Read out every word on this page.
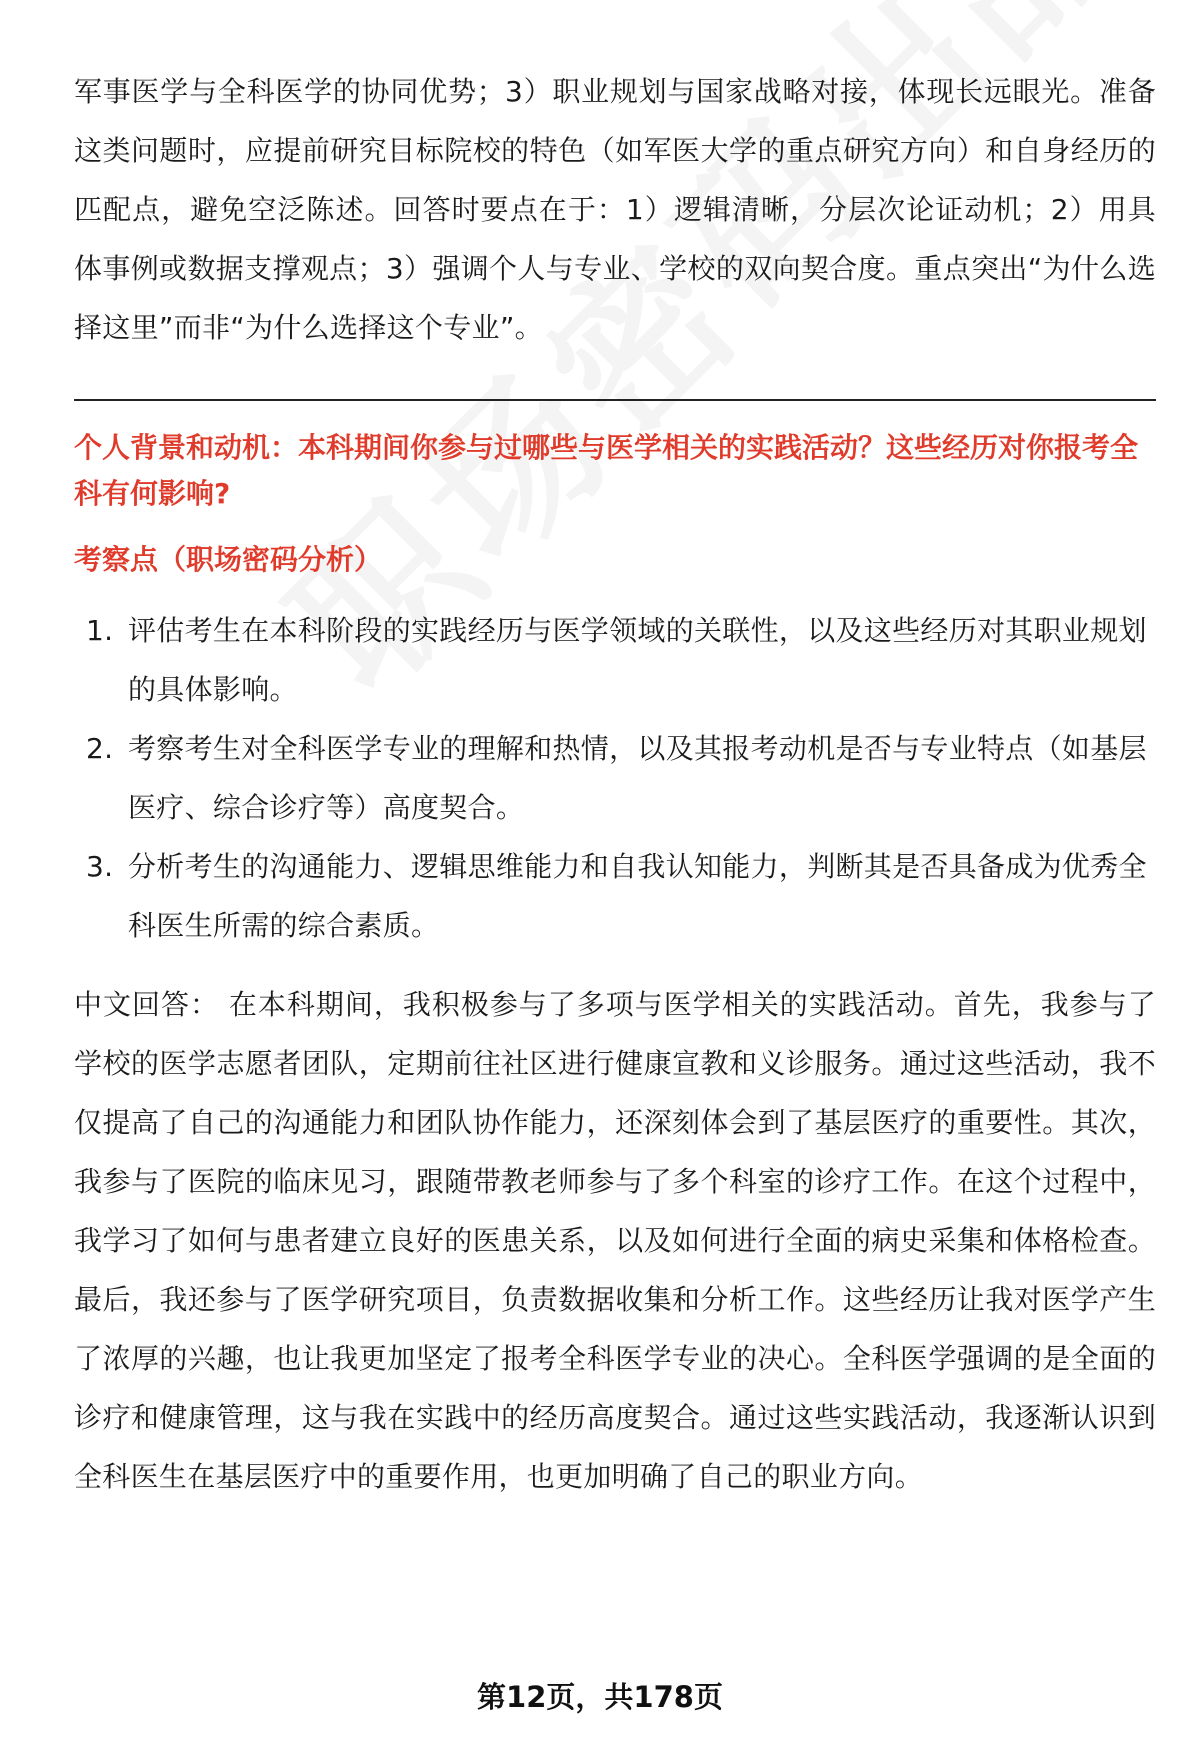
军事医学与全科医学的协同优势；3）职业规划与国家战略对接，体现长远眼光。准备这类问题时，应提前研究目标院校的特色（如军医大学的重点研究方向）和自身经历的匹配点，避免空泛陈述。回答时要点在于：1）逻辑清晰，分层次论证动机；2）用具体事例或数据支撑观点；3）强调个人与专业、学校的双向契合度。重点突出“为什么选择这里”而非“为什么选择这个专业”。

个人背景和动机：本科期间你参与过哪些与医学相关的实践活动？这些经历对你报考全科有何影响?

考察点（职场密码分析）

1. 评估考生在本科阶段的实践经历与医学领域的关联性，以及这些经历对其职业规划的具体影响。
2. 考察考生对全科医学专业的理解和热情，以及其报考动机是否与专业特点（如基层医疗、综合诊疗等）高度契合。
3. 分析考生的沟通能力、逻辑思维能力和自我认知能力，判断其是否具备成为优秀全科医生所需的综合素质。

中文回答： 在本科期间，我积极参与了多项与医学相关的实践活动。首先，我参与了学校的医学志愿者团队，定期前往社区进行健康宣教和义诊服务。通过这些活动，我不仅提高了自己的沟通能力和团队协作能力，还深刻体会到了基层医疗的重要性。其次，我参与了医院的临床见习，跟随带教老师参与了多个科室的诊疗工作。在这个过程中，我学习了如何与患者建立良好的医患关系，以及如何进行全面的病史采集和体格检查。最后，我还参与了医学研究项目，负责数据收集和分析工作。这些经历让我对医学产生了浓厚的兴趣，也让我更加坚定了报考全科医学专业的决心。全科医学强调的是全面的诊疗和健康管理，这与我在实践中的经历高度契合。通过这些实践活动，我逐渐认识到全科医生在基层医疗中的重要作用，也更加明确了自己的职业方向。

第12页，共178页
